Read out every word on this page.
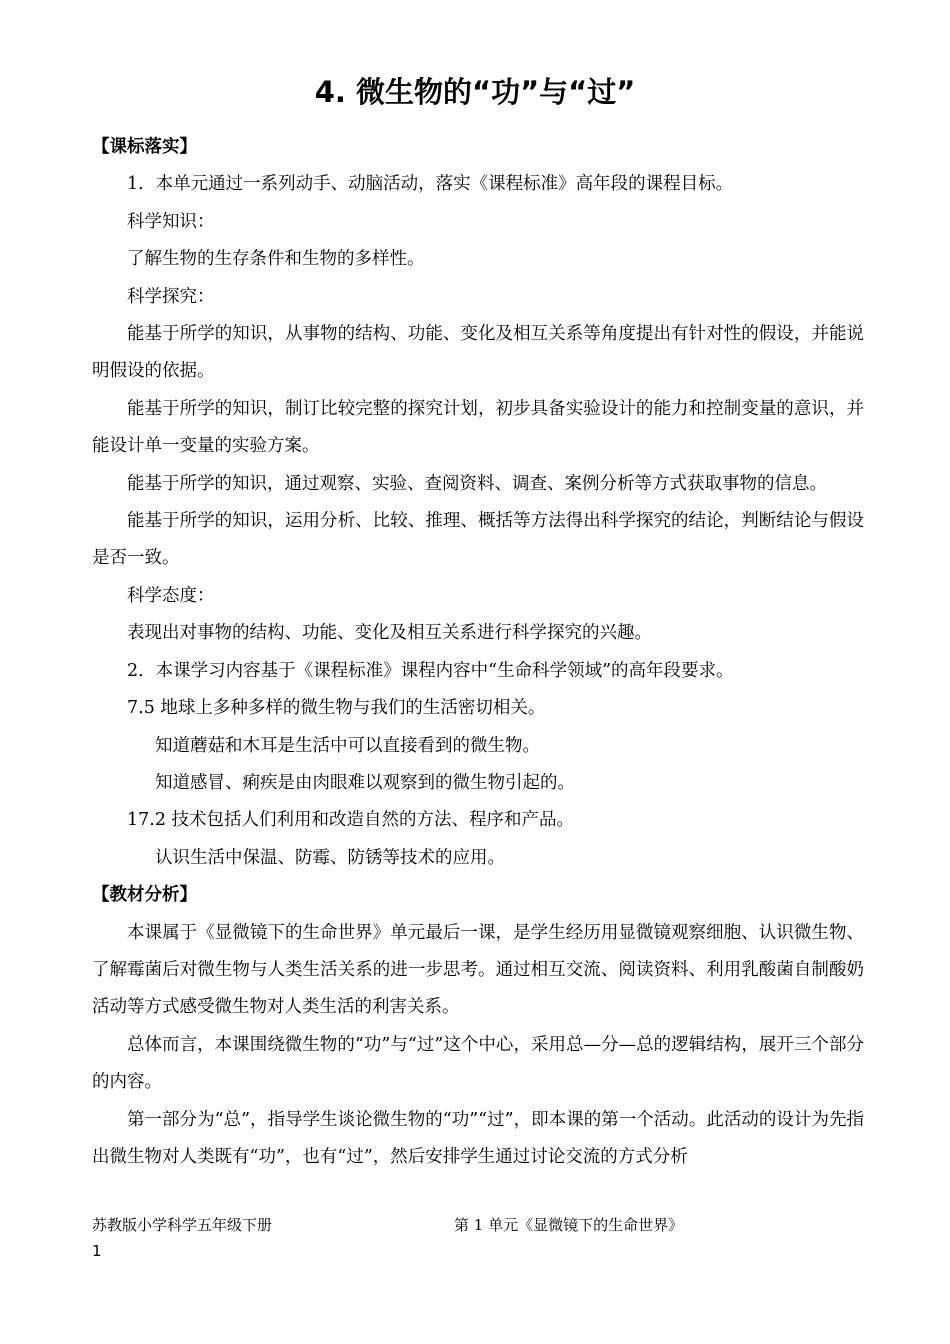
4. 微生物的“功”与“过”

【课标落实】

1．本单元通过一系列动手、动脑活动，落实《课程标准》高年段的课程目标。

科学知识：

了解生物的生存条件和生物的多样性。

科学探究：

能基于所学的知识，从事物的结构、功能、变化及相互关系等角度提出有针对性的假设，并能说明假设的依据。

能基于所学的知识，制订比较完整的探究计划，初步具备实验设计的能力和控制变量的意识，并能设计单一变量的实验方案。

能基于所学的知识，通过观察、实验、查阅资料、调查、案例分析等方式获取事物的信息。

能基于所学的知识，运用分析、比较、推理、概括等方法得出科学探究的结论，判断结论与假设是否一致。

科学态度：

表现出对事物的结构、功能、变化及相互关系进行科学探究的兴趣。

2．本课学习内容基于《课程标准》课程内容中“生命科学领域”的高年段要求。

7.5 地球上多种多样的微生物与我们的生活密切相关。

知道蘑菇和木耳是生活中可以直接看到的微生物。

知道感冒、痢疾是由肉眼难以观察到的微生物引起的。

17.2 技术包括人们利用和改造自然的方法、程序和产品。

认识生活中保温、防霉、防锈等技术的应用。

【教材分析】

本课属于《显微镜下的生命世界》单元最后一课，是学生经历用显微镜观察细胞、认识微生物、了解霉菌后对微生物与人类生活关系的进一步思考。通过相互交流、阅读资料、利用乳酸菌自制酸奶活动等方式感受微生物对人类生活的利害关系。

总体而言，本课围绕微生物的“功”与“过”这个中心，采用总—分—总的逻辑结构，展开三个部分的内容。

第一部分为“总”，指导学生谈论微生物的“功”“过”，即本课的第一个活动。此活动的设计为先指出微生物对人类既有“功”，也有“过”，然后安排学生通过讨论交流的方式分析

苏教版小学科学五年级下册	第 1 单元《显微镜下的生命世界》
1
